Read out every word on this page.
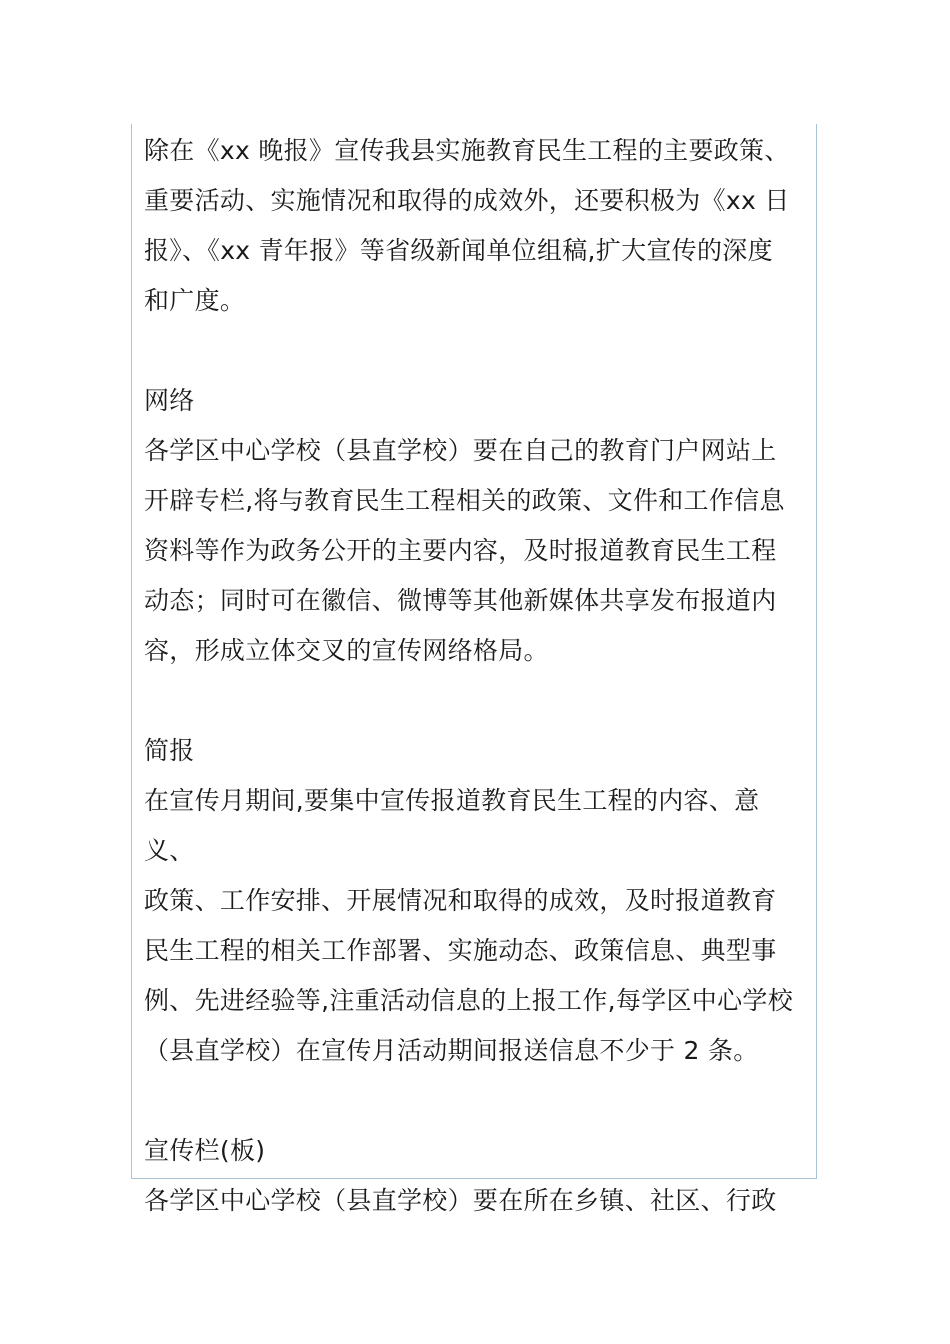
除在《xx 晚报》宣传我县实施教育民生工程的主要政策、
重要活动、实施情况和取得的成效外，还要积极为《xx 日
报》、《xx 青年报》等省级新闻单位组稿,扩大宣传的深度
和广度。

网络

各学区中心学校（县直学校）要在自己的教育门户网站上
开辟专栏,将与教育民生工程相关的政策、文件和工作信息
资料等作为政务公开的主要内容，及时报道教育民生工程
动态；同时可在徽信、微博等其他新媒体共享发布报道内
容，形成立体交叉的宣传网络格局。

简报

在宣传月期间,要集中宣传报道教育民生工程的内容、意义、
政策、工作安排、开展情况和取得的成效，及时报道教育
民生工程的相关工作部署、实施动态、政策信息、典型事
例、先进经验等,注重活动信息的上报工作,每学区中心学校
（县直学校）在宣传月活动期间报送信息不少于 2 条。

宣传栏(板)

各学区中心学校（县直学校）要在所在乡镇、社区、行政
